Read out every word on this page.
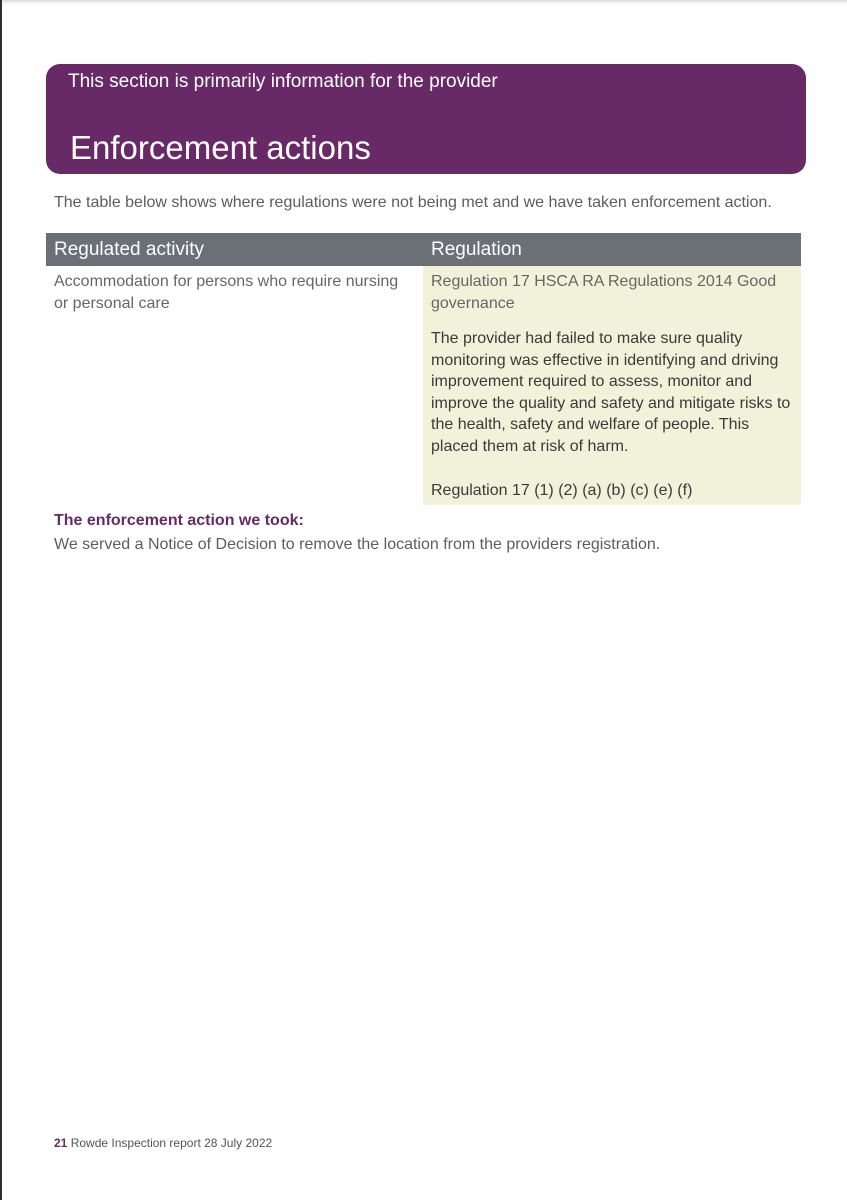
This section is primarily information for the provider
Enforcement actions
The table below shows where regulations were not being met and we have taken enforcement action.
Regulated activity	Regulation
Accommodation for persons who require nursing or personal care
Regulation 17 HSCA RA Regulations 2014 Good governance
The provider had failed to make sure quality monitoring was effective in identifying and driving improvement required to assess, monitor and improve the quality and safety and mitigate risks to the health, safety and welfare of people. This placed them at risk of harm.
Regulation 17 (1) (2) (a) (b) (c) (e) (f)
The enforcement action we took:
We served a Notice of Decision to remove the location from the providers registration.
21 Rowde Inspection report 28 July 2022
